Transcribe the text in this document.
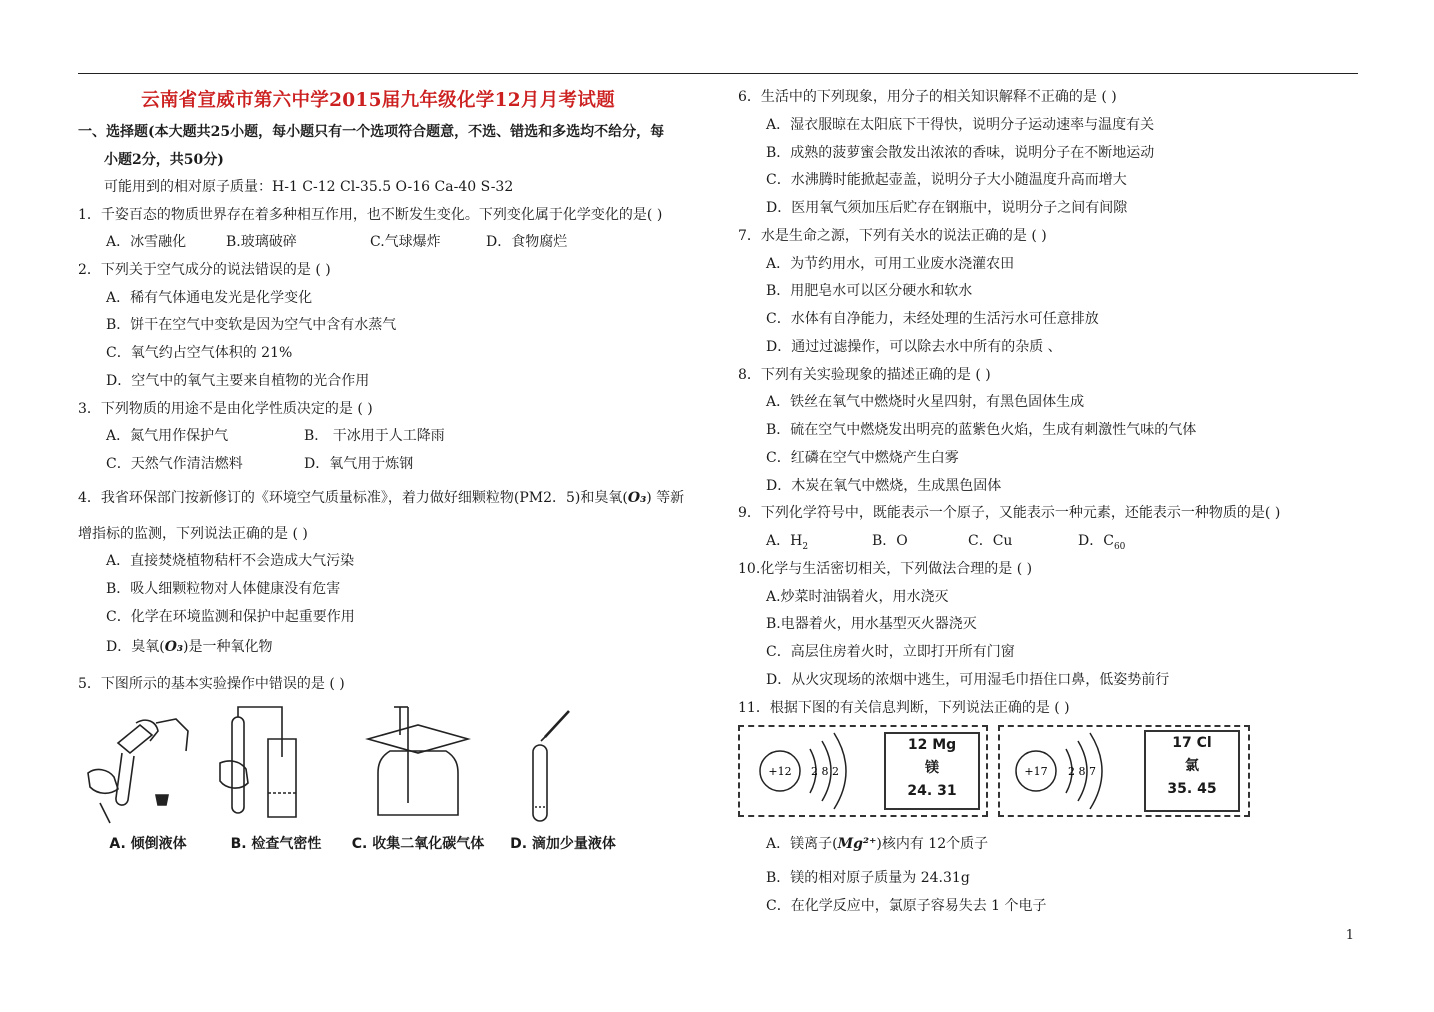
云南省宣威市第六中学2015届九年级化学12月月考试题
一、选择题(本大题共25小题，每小题只有一个选项符合题意，不选、错选和多选均不给分，每
小题2分，共50分)
可能用到的相对原子质量：H-1 C-12 Cl-35.5 O-16 Ca-40 S-32
1．千姿百态的物质世界存在着多种相互作用，也不断发生变化。下列变化属于化学变化的是( )
A．冰雪融化	B.玻璃破碎	C.气球爆炸	D．食物腐烂
2．下列关于空气成分的说法错误的是 ( )
A．稀有气体通电发光是化学变化
B．饼干在空气中变软是因为空气中含有水蒸气
C．氧气约占空气体积的 21%
D．空气中的氧气主要来自植物的光合作用
3．下列物质的用途不是由化学性质决定的是 ( )
A．氮气用作保护气	B． 干冰用于人工降雨
C．天然气作清洁燃料	D．氧气用于炼钢
4．我省环保部门按新修订的《环境空气质量标准》，着力做好细颗粒物(PM2．5)和臭氧(O₃) 等新
增指标的监测，下列说法正确的是 ( )
A．直接焚烧植物秸杆不会造成大气污染
B．吸人细颗粒物对人体健康没有危害
C．化学在环境监测和保护中起重要作用
D．臭氧(O₃)是一种氧化物
5．下图所示的基本实验操作中错误的是 ( )
A. 倾倒液体	B. 检查气密性	C. 收集二氧化碳气体	D. 滴加少量液体
6．生活中的下列现象，用分子的相关知识解释不正确的是 ( )
A．湿衣服晾在太阳底下干得快，说明分子运动速率与温度有关
B．成熟的菠萝蜜会散发出浓浓的香味，说明分子在不断地运动
C．水沸腾时能掀起壶盖，说明分子大小随温度升高而增大
D．医用氧气须加压后贮存在钢瓶中，说明分子之间有间隙
7．水是生命之源，下列有关水的说法正确的是 ( )
A．为节约用水，可用工业废水浇灌农田
B．用肥皂水可以区分硬水和软水
C．水体有自净能力，未经处理的生活污水可任意排放
D．通过过滤操作，可以除去水中所有的杂质 、
8．下列有关实验现象的描述正确的是 ( )
A．铁丝在氧气中燃烧时火星四射，有黑色固体生成
B．硫在空气中燃烧发出明亮的蓝紫色火焰，生成有刺激性气味的气体
C．红磷在空气中燃烧产生白雾
D．木炭在氧气中燃烧，生成黑色固体
9．下列化学符号中，既能表示一个原子，又能表示一种元素，还能表示一种物质的是( )
A．$H_2$	B．O	C．Cu	D．$C_{60}$
10.化学与生活密切相关，下列做法合理的是 ( )
A.炒菜时油锅着火，用水浇灭
B.电器着火，用水基型灭火器浇灭
C．高层住房着火时，立即打开所有门窗
D．从火灾现场的浓烟中逃生，可用湿毛巾捂住口鼻，低姿势前行
11．根据下图的有关信息判断，下列说法正确的是 ( )
+12 2 8 2
12 Mg
镁
24. 31
+17 2 8 7
17 Cl
氯
35. 45
A．镁离子(Mg²⁺)核内有 12个质子
B．镁的相对原子质量为 24.31g
C．在化学反应中，氯原子容易失去 1 个电子
1
